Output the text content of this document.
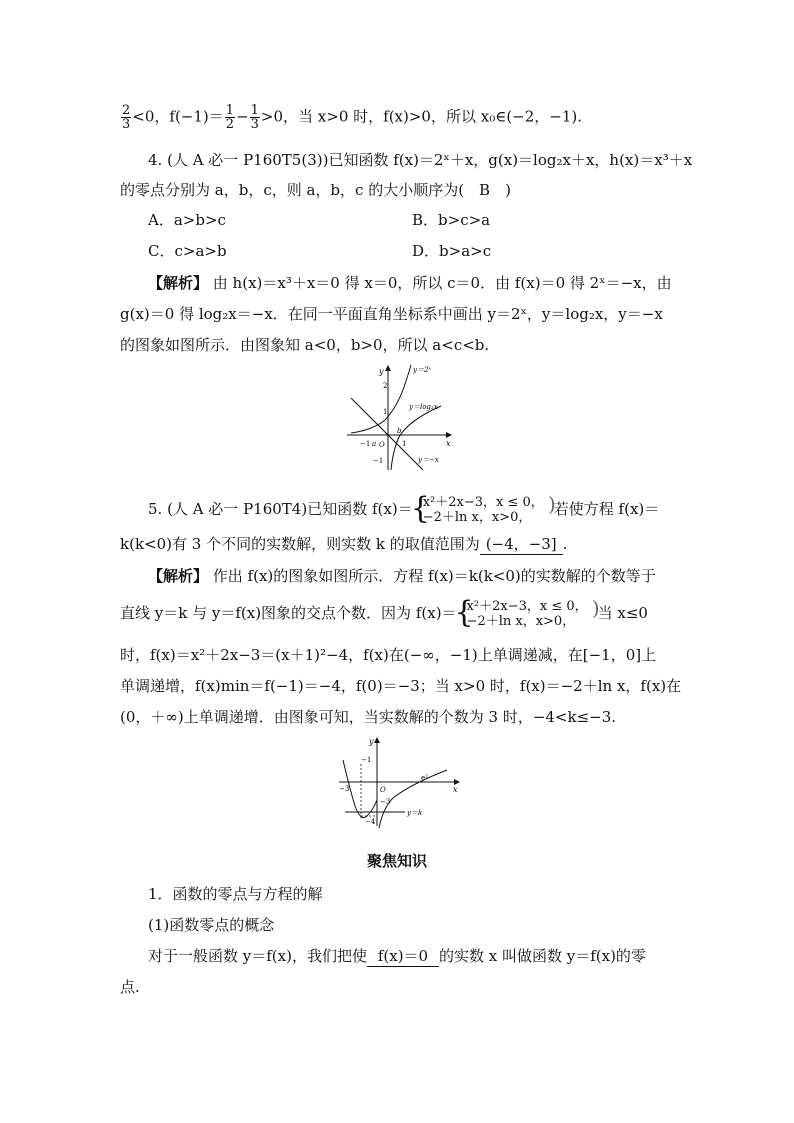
$\frac{2}{3} <0$，$f(-1)= \frac{1}{2} - \frac{1}{3} >0$，当 x>0 时，f(x)>0，所以 x₀∈(−2，−1).
4. (人 A 必一 P160T5(3))已知函数 f(x)＝2ˣ＋x，g(x)＝log₂x＋x，h(x)＝x³＋x
的零点分别为 a，b，c，则 a，b，c 的大小顺序为(　B　)
A．a>b>c	B．b>c>a
C．c>a>b	D．b>a>c
【解析】 由 h(x)＝x³＋x＝0 得 x＝0，所以 c＝0．由 f(x)＝0 得 2ˣ＝−x，由
g(x)＝0 得 log₂x＝−x．在同一平面直角坐标系中画出 y＝2ˣ，y＝log₂x，y＝−x
的图象如图所示．由图象知 a<0，b>0，所以 a<c<b.
y
x
2
1
O
−1 a
b
1
−1
y＝2ˣ
y＝log₂x
y＝−x
5. (人 A 必一 P160T4)已知函数 f(x)＝ { x²＋2x−3，x ≤ 0，
−2＋ln x，x>0，
)	若使方程 f(x)＝
k(k<0)有 3 个不同的实数解，则实数 k 的取值范围为 (−4，−3] .
【解析】 作出 f(x)的图象如图所示．方程 f(x)＝k(k<0)的实数解的个数等于
直线 y＝k 与 y＝f(x)图象的交点个数．因为 f(x)＝ { x²＋2x−3，x ≤ 0，
−2＋ln x，x>0，
)	当 x≤0
时，f(x)＝x²＋2x−3＝(x＋1)²−4，f(x)在(−∞，−1)上单调递减，在[−1，0]上
单调递增，f(x)min＝f(−1)＝−4，f(0)＝−3；当 x>0 时，f(x)＝−2＋ln x，f(x)在
(0，＋∞)上单调递增．由图象可知，当实数解的个数为 3 时，−4<k≤−3.
y
x
O
−3
−1
e²
−3
−4
y＝k
聚焦知识
1．函数的零点与方程的解
(1)函数零点的概念
对于一般函数 y＝f(x)，我们把使 f(x)＝0 的实数 x 叫做函数 y＝f(x)的零
点.
